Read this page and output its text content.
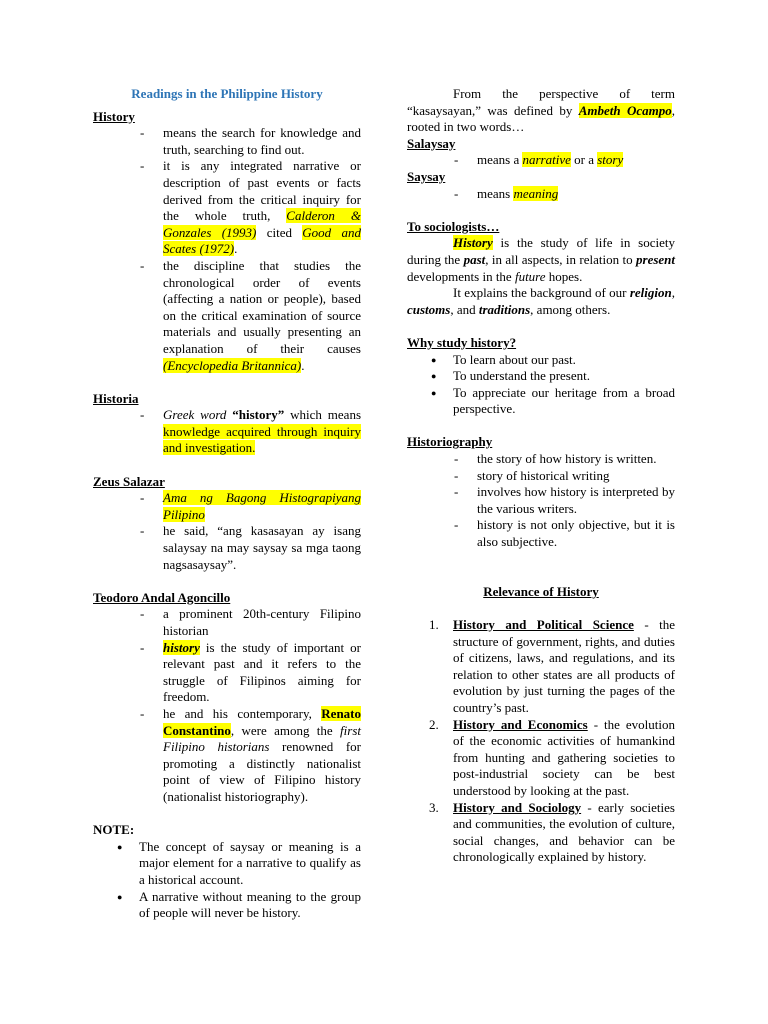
Readings in the Philippine History

History

- means the search for knowledge and truth, searching to find out.
- it is any integrated narrative or description of past events or facts derived from the critical inquiry for the whole truth, Calderon & Gonzales (1993) cited Good and Scates (1972).
- the discipline that studies the chronological order of events (affecting a nation or people), based on the critical examination of source materials and usually presenting an explanation of their causes (Encyclopedia Britannica).

Historia

- Greek word “history” which means knowledge acquired through inquiry and investigation.

Zeus Salazar

- Ama ng Bagong Histograpiyang Pilipino
- he said, “ang kasasayan ay isang salaysay na may saysay sa mga taong nagsasaysay”.

Teodoro Andal Agoncillo

- a prominent 20th-century Filipino historian
- history is the study of important or relevant past and it refers to the struggle of Filipinos aiming for freedom.
- he and his contemporary, Renato Constantino, were among the first Filipino historians renowned for promoting a distinctly nationalist point of view of Filipino history (nationalist historiography).

NOTE:

● The concept of saysay or meaning is a major element for a narrative to qualify as a historical account.
● A narrative without meaning to the group of people will never be history.

From the perspective of term “kasaysayan,” was defined by Ambeth Ocampo, rooted in two words…

Salaysay

- means a narrative or a story

Saysay

- means meaning

To sociologists…

History is the study of life in society during the past, in all aspects, in relation to present developments in the future hopes.

It explains the background of our religion, customs, and traditions, among others.

Why study history?

● To learn about our past.
● To understand the present.
● To appreciate our heritage from a broad perspective.

Historiography

- the story of how history is written.
- story of historical writing
- involves how history is interpreted by the various writers.
- history is not only objective, but it is also subjective.

Relevance of History

1. History and Political Science - the structure of government, rights, and duties of citizens, laws, and regulations, and its relation to other states are all products of evolution by just turning the pages of the country’s past.
2. History and Economics - the evolution of the economic activities of humankind from hunting and gathering societies to post-industrial society can be best understood by looking at the past.
3. History and Sociology - early societies and communities, the evolution of culture, social changes, and behavior can be chronologically explained by history.
